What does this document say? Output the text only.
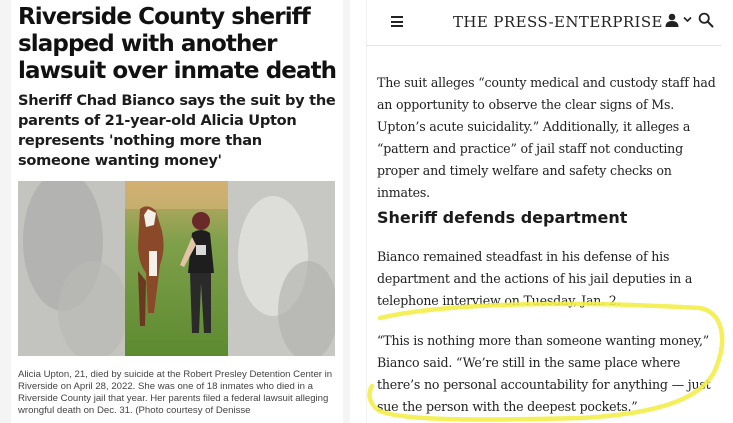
Riverside County sheriff slapped with another lawsuit over inmate death
Sheriff Chad Bianco says the suit by the parents of 21-year-old Alicia Upton represents 'nothing more than someone wanting money'

Alicia Upton, 21, died by suicide at the Robert Presley Detention Center in Riverside on April 28, 2022. She was one of 18 inmates who died in a Riverside County jail that year. Her parents filed a federal lawsuit alleging wrongful death on Dec. 31. (Photo courtesy of Denisse

THE PRESS-ENTERPRISE

The suit alleges “county medical and custody staff had an opportunity to observe the clear signs of Ms. Upton’s acute suicidality.” Additionally, it alleges a “pattern and practice” of jail staff not conducting proper and timely welfare and safety checks on inmates.

Sheriff defends department

Bianco remained steadfast in his defense of his department and the actions of his jail deputies in a telephone interview on Tuesday, Jan. 2.

“This is nothing more than someone wanting money,” Bianco said. “We’re still in the same place where there’s no personal accountability for anything — just sue the person with the deepest pockets.”
